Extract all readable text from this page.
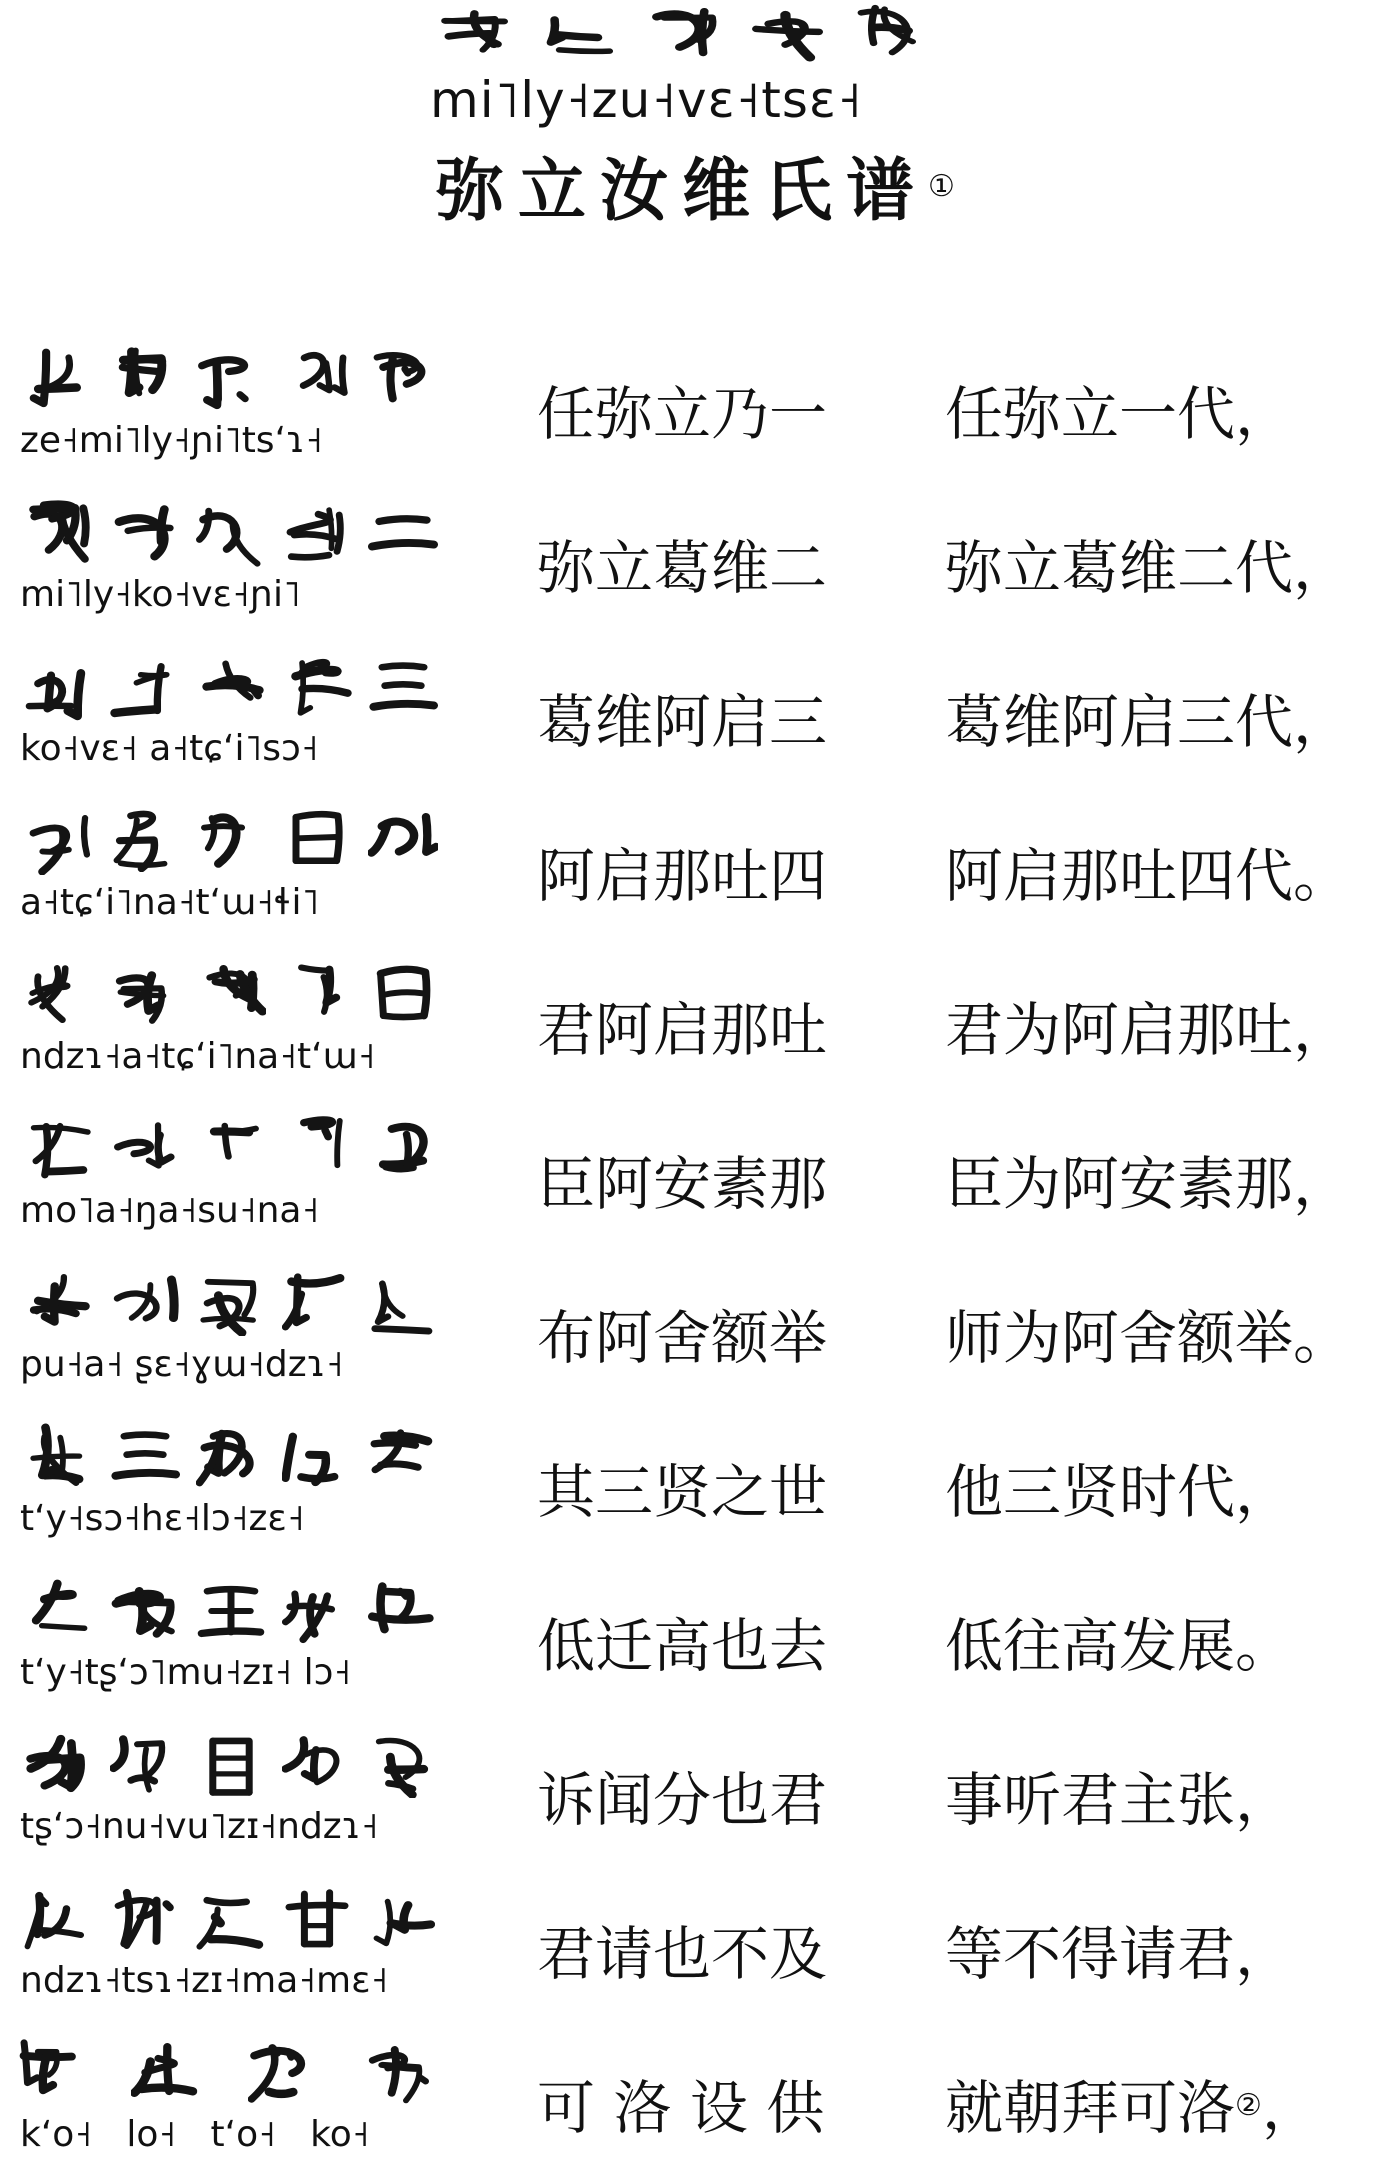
mi˥ly˧zu˧vɛ˧tsɛ˧
弥立汝维氏谱①
ze˧mi˥ly˧ɲi˥tsʻɿ˧	任弥立乃一 任弥立一代，
mi˥ly˧ko˧vɛ˧ɲi˥	弥立葛维二 弥立葛维二代，
ko˧vɛ˧ a˧tɕʻi˥sɔ˧	葛维阿启三 葛维阿启三代，
a˧tɕʻi˥na˧tʻɯ˧ɬi˥	阿启那吐四 阿启那吐四代。
ndzɿ˧a˧tɕʻi˥na˧tʻɯ˧	君阿启那吐 君为阿启那吐，
mo˥a˧ŋa˧su˧na˧	臣阿安素那 臣为阿安素那，
pu˧a˧ ʂɛ˧ɣɯ˧dzɿ˧	布阿舍额举 师为阿舍额举。
tʻy˧sɔ˧hɛ˧lɔ˧zɛ˧	其三贤之世 他三贤时代，
tʻy˧tʂʻɔ˥mu˧zɪ˧ lɔ˧	低迁高也去 低往高发展。
tʂʻɔ˧nu˧vu˥zɪ˧ndzɿ˧	诉闻分也君 事听君主张，
ndzɿ˧tsɿ˧zɪ˧ma˧mɛ˧	君请也不及 等不得请君，
kʻo˧   lo˧   tʻo˧   ko˧	可 洛 设 供 就朝拜可洛②，
